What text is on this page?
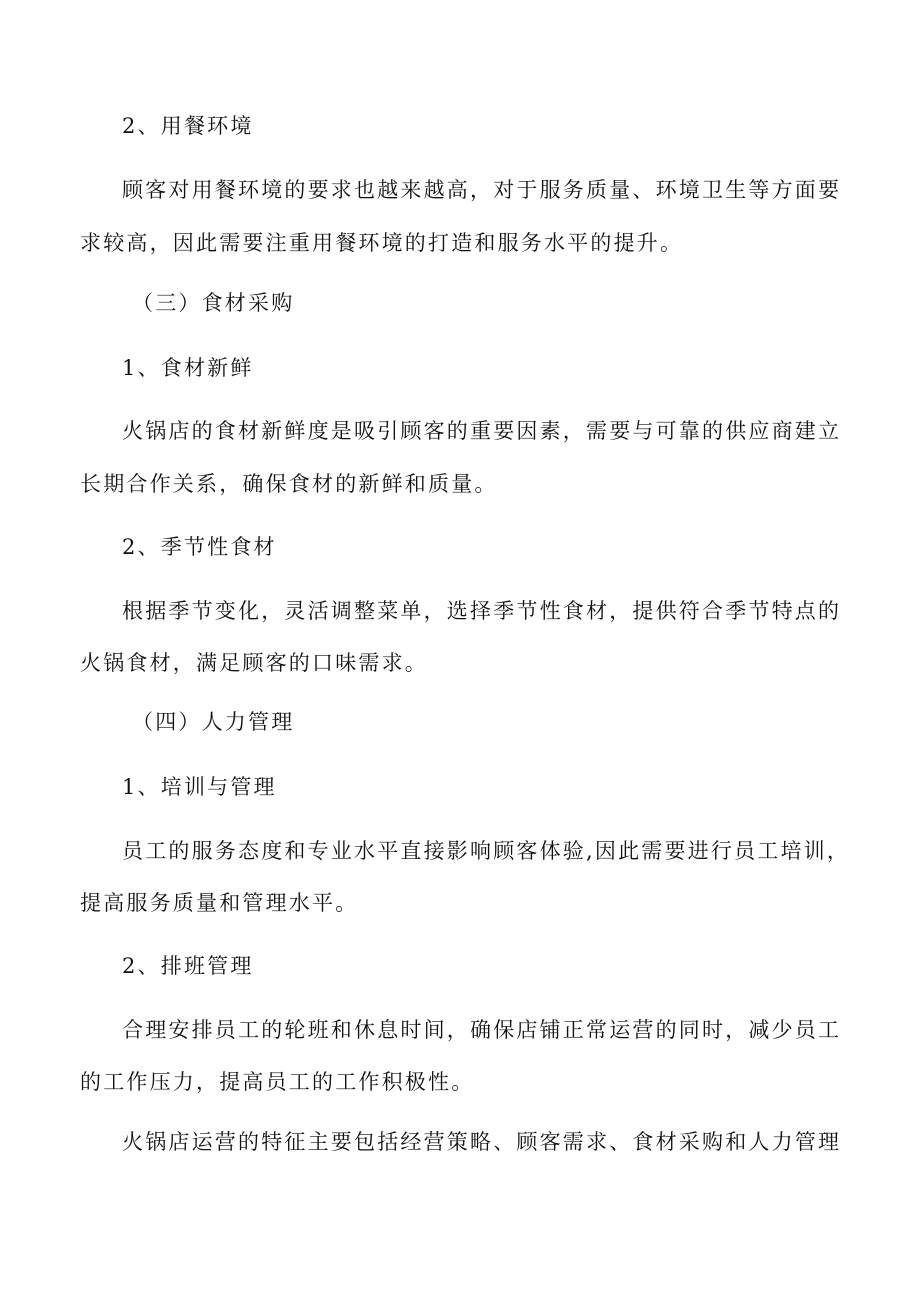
2、用餐环境
顾客对用餐环境的要求也越来越高，对于服务质量、环境卫生等方面要
求较高，因此需要注重用餐环境的打造和服务水平的提升。
（三）食材采购
1、食材新鲜
火锅店的食材新鲜度是吸引顾客的重要因素，需要与可靠的供应商建立
长期合作关系，确保食材的新鲜和质量。
2、季节性食材
根据季节变化，灵活调整菜单，选择季节性食材，提供符合季节特点的
火锅食材，满足顾客的口味需求。
（四）人力管理
1、培训与管理
员工的服务态度和专业水平直接影响顾客体验,因此需要进行员工培训，
提高服务质量和管理水平。
2、排班管理
合理安排员工的轮班和休息时间，确保店铺正常运营的同时，减少员工
的工作压力，提高员工的工作积极性。
火锅店运营的特征主要包括经营策略、顾客需求、食材采购和人力管理
